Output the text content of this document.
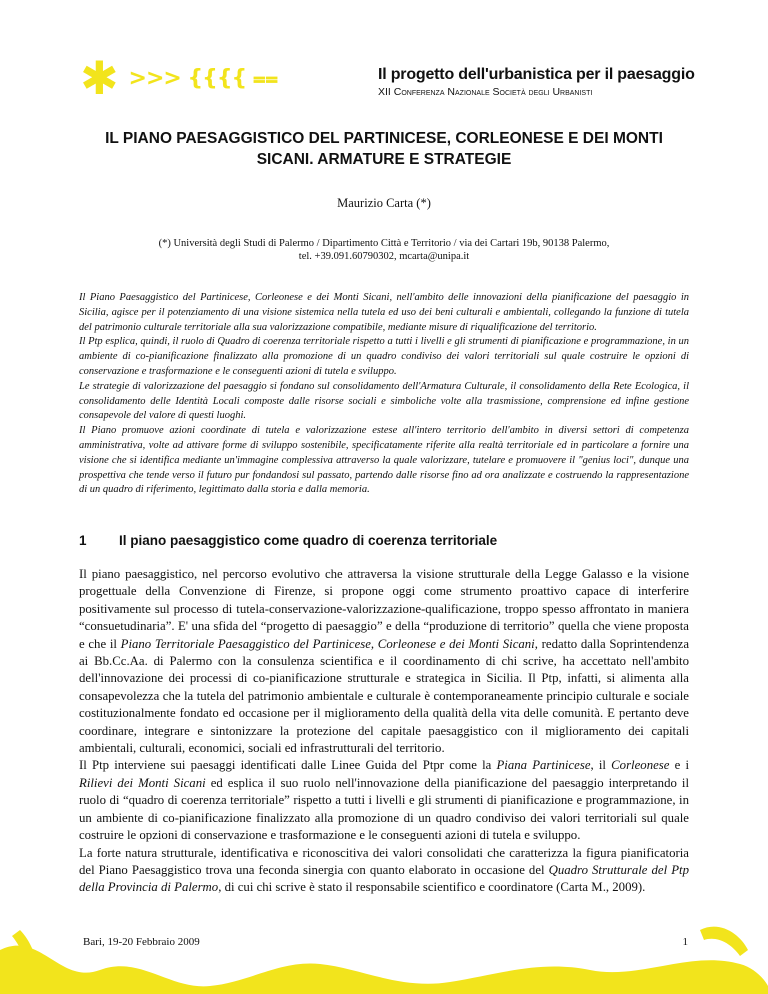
✱ >>> {{{{ ⩵	Il progetto dell'urbanistica per il paesaggio
XII Conferenza Nazionale Società degli Urbanisti
IL PIANO PAESAGGISTICO DEL PARTINICESE, CORLEONESE E DEI MONTI SICANI. ARMATURE E STRATEGIE
Maurizio Carta (*)
(*) Università degli Studi di Palermo / Dipartimento Città e Territorio / via dei Cartari 19b, 90138 Palermo,
tel. +39.091.60790302, mcarta@unipa.it

Il Piano Paesaggistico del Partinicese, Corleonese e dei Monti Sicani, nell'ambito delle innovazioni della pianificazione del paesaggio in Sicilia, agisce per il potenziamento di una visione sistemica nella tutela ed uso dei beni culturali e ambientali, collegando la funzione di tutela del patrimonio culturale territoriale alla sua valorizzazione compatibile, mediante misure di riqualificazione del territorio.

Il Ptp esplica, quindi, il ruolo di Quadro di coerenza territoriale rispetto a tutti i livelli e gli strumenti di pianificazione e programmazione, in un ambiente di co-pianificazione finalizzato alla promozione di un quadro condiviso dei valori territoriali sul quale costruire le opzioni di conservazione e trasformazione e le conseguenti azioni di tutela e sviluppo.

Le strategie di valorizzazione del paesaggio si fondano sul consolidamento dell'Armatura Culturale, il consolidamento della Rete Ecologica, il consolidamento delle Identità Locali composte dalle risorse sociali e simboliche volte alla trasmissione, comprensione ed infine gestione consapevole del valore di questi luoghi.

Il Piano promuove azioni coordinate di tutela e valorizzazione estese all'intero territorio dell'ambito in diversi settori di competenza amministrativa, volte ad attivare forme di sviluppo sostenibile, specificatamente riferite alla realtà territoriale ed in particolare a fornire una visione che si identifica mediante un'immagine complessiva attraverso la quale valorizzare, tutelare e promuovere il "genius loci", dunque una prospettiva che tende verso il futuro pur fondandosi sul passato, partendo dalle risorse fino ad ora analizzate e costruendo la rappresentazione di un quadro di riferimento, legittimato dalla storia e dalla memoria.

1 Il piano paesaggistico come quadro di coerenza territoriale

Il piano paesaggistico, nel percorso evolutivo che attraversa la visione strutturale della Legge Galasso e la visione progettuale della Convenzione di Firenze, si propone oggi come strumento proattivo capace di interferire positivamente sul processo di tutela-conservazione-valorizzazione-qualificazione, troppo spesso affrontato in maniera “consuetudinaria”. E' una sfida del “progetto di paesaggio” e della “produzione di territorio” quella che viene proposta e che il Piano Territoriale Paesaggistico del Partinicese, Corleonese e dei Monti Sicani, redatto dalla Soprintendenza ai Bb.Cc.Aa. di Palermo con la consulenza scientifica e il coordinamento di chi scrive, ha accettato nell'ambito dell'innovazione dei processi di co-pianificazione strutturale e strategica in Sicilia. Il Ptp, infatti, si alimenta alla consapevolezza che la tutela del patrimonio ambientale e culturale è contemporaneamente principio culturale e sociale costituzionalmente fondato ed occasione per il miglioramento della qualità della vita delle comunità. E pertanto deve coordinare, integrare e sintonizzare la protezione del capitale paesaggistico con il miglioramento dei capitali ambientali, culturali, economici, sociali ed infrastrutturali del territorio.

Il Ptp interviene sui paesaggi identificati dalle Linee Guida del Ptpr come la Piana Partinicese, il Corleonese e i Rilievi dei Monti Sicani ed esplica il suo ruolo nell'innovazione della pianificazione del paesaggio interpretando il ruolo di “quadro di coerenza territoriale” rispetto a tutti i livelli e gli strumenti di pianificazione e programmazione, in un ambiente di co-pianificazione finalizzato alla promozione di un quadro condiviso dei valori territoriali sul quale costruire le opzioni di conservazione e trasformazione e le conseguenti azioni di tutela e sviluppo.

La forte natura strutturale, identificativa e riconoscitiva dei valori consolidati che caratterizza la figura pianificatoria del Piano Paesaggistico trova una feconda sinergia con quanto elaborato in occasione del Quadro Strutturale del Ptp della Provincia di Palermo, di cui chi scrive è stato il responsabile scientifico e coordinatore (Carta M., 2009).

Bari, 19-20 Febbraio 2009	1
